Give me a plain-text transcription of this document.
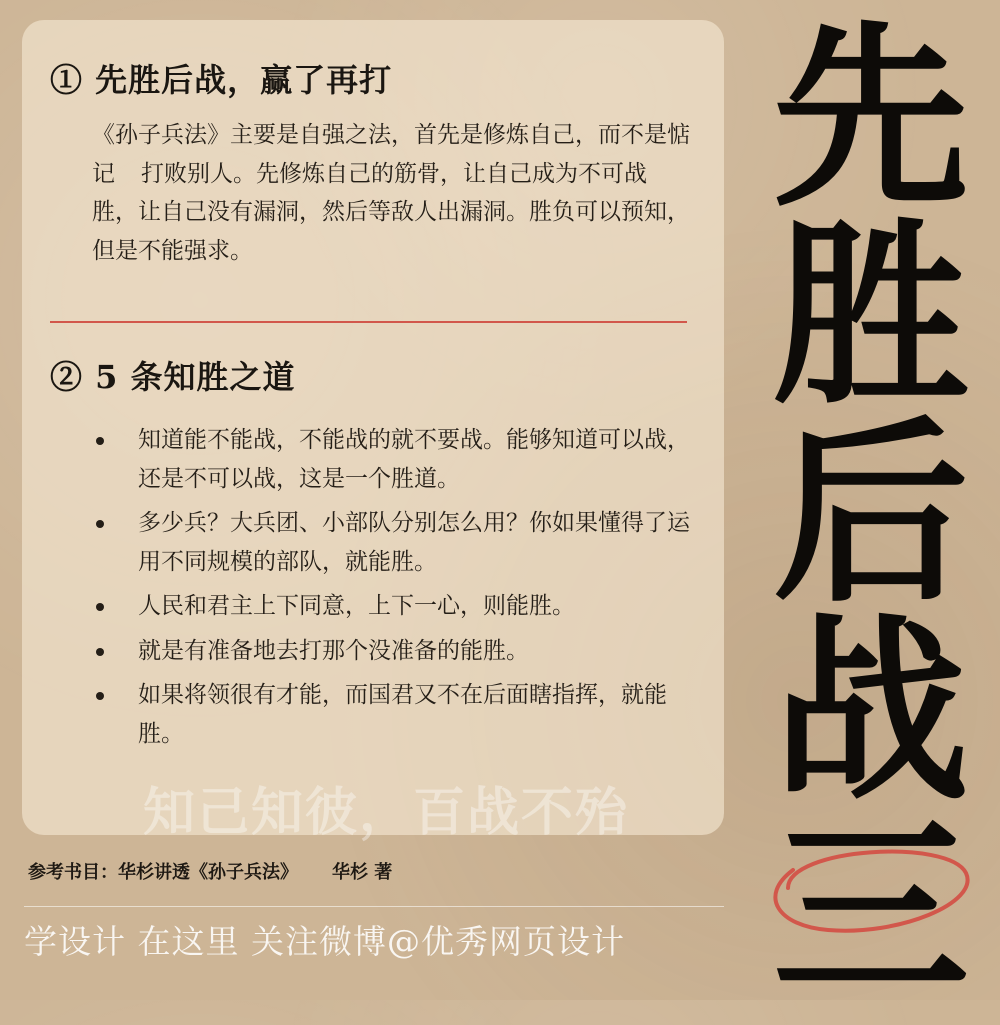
① 先胜后战，赢了再打

《孙子兵法》主要是自强之法，首先是修炼自己，而不是惦记 打败别人。先修炼自己的筋骨，让自己成为不可战胜，让自己没有漏洞，然后等敌人出漏洞。胜负可以预知，但是不能强求。

② 5 条知胜之道
知道能不能战，不能战的就不要战。能够知道可以战，还是不可以战，这是一个胜道。
多少兵？大兵团、小部队分别怎么用？你如果懂得了运用不同规模的部队，就能胜。
人民和君主上下同意，上下一心，则能胜。
就是有准备地去打那个没准备的能胜。
如果将领很有才能，而国君又不在后面瞎指挥，就能胜。
知己知彼，百战不殆
参考书目：华杉讲透《孙子兵法》 华杉 著
学设计 在这里 关注微博@优秀网页设计
先
胜
后
战
三
